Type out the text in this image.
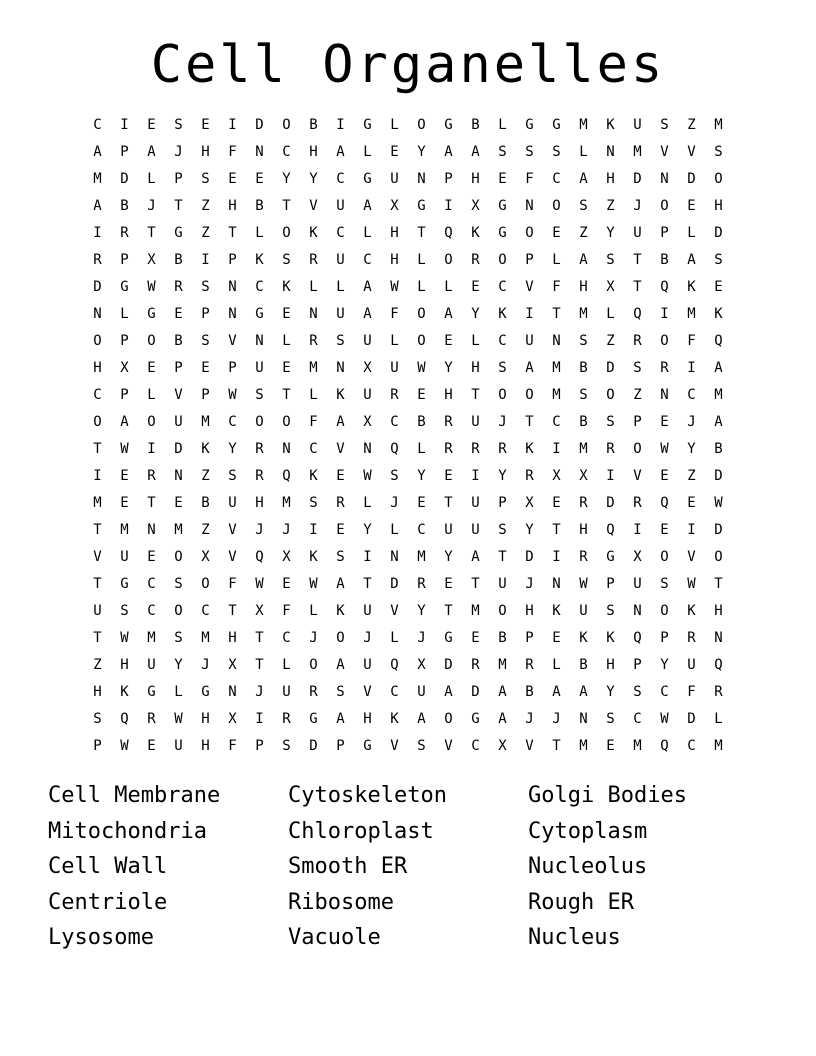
Cell Organelles
C	I	E	S	E	I	D	O	B	I	G	L	O	G	B	L	G	G	M	K	U	S	Z	M
A	P	A	J	H	F	N	C	H	A	L	E	Y	A	A	S	S	S	L	N	M	V	V	S
M	D	L	P	S	E	E	Y	Y	C	G	U	N	P	H	E	F	C	A	H	D	N	D	O
A	B	J	T	Z	H	B	T	V	U	A	X	G	I	X	G	N	O	S	Z	J	O	E	H
I	R	T	G	Z	T	L	O	K	C	L	H	T	Q	K	G	O	E	Z	Y	U	P	L	D
R	P	X	B	I	P	K	S	R	U	C	H	L	O	R	O	P	L	A	S	T	B	A	S
D	G	W	R	S	N	C	K	L	L	A	W	L	L	E	C	V	F	H	X	T	Q	K	E
N	L	G	E	P	N	G	E	N	U	A	F	O	A	Y	K	I	T	M	L	Q	I	M	K
O	P	O	B	S	V	N	L	R	S	U	L	O	E	L	C	U	N	S	Z	R	O	F	Q
H	X	E	P	E	P	U	E	M	N	X	U	W	Y	H	S	A	M	B	D	S	R	I	A
C	P	L	V	P	W	S	T	L	K	U	R	E	H	T	O	O	M	S	O	Z	N	C	M
O	A	O	U	M	C	O	O	F	A	X	C	B	R	U	J	T	C	B	S	P	E	J	A
T	W	I	D	K	Y	R	N	C	V	N	Q	L	R	R	R	K	I	M	R	O	W	Y	B
I	E	R	N	Z	S	R	Q	K	E	W	S	Y	E	I	Y	R	X	X	I	V	E	Z	D
M	E	T	E	B	U	H	M	S	R	L	J	E	T	U	P	X	E	R	D	R	Q	E	W
T	M	N	M	Z	V	J	J	I	E	Y	L	C	U	U	S	Y	T	H	Q	I	E	I	D
V	U	E	O	X	V	Q	X	K	S	I	N	M	Y	A	T	D	I	R	G	X	O	V	O
T	G	C	S	O	F	W	E	W	A	T	D	R	E	T	U	J	N	W	P	U	S	W	T
U	S	C	O	C	T	X	F	L	K	U	V	Y	T	M	O	H	K	U	S	N	O	K	H
T	W	M	S	M	H	T	C	J	O	J	L	J	G	E	B	P	E	K	K	Q	P	R	N
Z	H	U	Y	J	X	T	L	O	A	U	Q	X	D	R	M	R	L	B	H	P	Y	U	Q
H	K	G	L	G	N	J	U	R	S	V	C	U	A	D	A	B	A	A	Y	S	C	F	R
S	Q	R	W	H	X	I	R	G	A	H	K	A	O	G	A	J	J	N	S	C	W	D	L
P	W	E	U	H	F	P	S	D	P	G	V	S	V	C	X	V	T	M	E	M	Q	C	M
Cell Membrane	Cytoskeleton	Golgi Bodies
Mitochondria	Chloroplast	Cytoplasm
Cell Wall	Smooth ER	Nucleolus
Centriole	Ribosome	Rough ER
Lysosome	Vacuole	Nucleus
